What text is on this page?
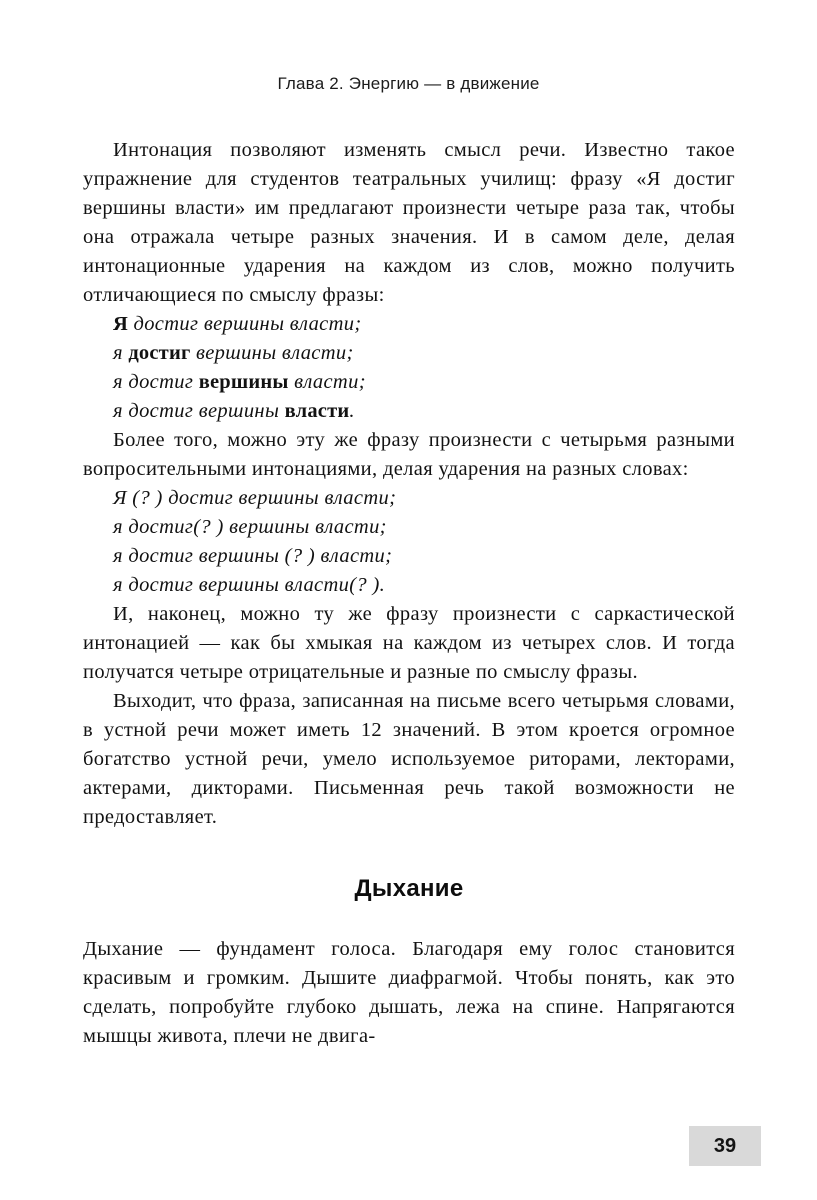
Глава 2. Энергию — в движение

Интонация позволяют изменять смысл речи. Известно такое упражнение для студентов театральных училищ: фразу «Я достиг вершины власти» им предлагают произнести четыре раза так, чтобы она отражала четыре разных значения. И в самом деле, делая интонационные ударения на каждом из слов, можно получить отличающиеся по смыслу фразы:

Я достиг вершины власти;

я достиг вершины власти;

я достиг вершины власти;

я достиг вершины власти.

Более того, можно эту же фразу произнести с четырьмя разными вопросительными интонациями, делая ударения на разных словах:

Я (? ) достиг вершины власти;

я достиг(? ) вершины власти;

я достиг вершины (? ) власти;

я достиг вершины власти(? ).

И, наконец, можно ту же фразу произнести с саркастической интонацией — как бы хмыкая на каждом из четырех слов. И тогда получатся четыре отрицательные и разные по смыслу фразы.

Выходит, что фраза, записанная на письме всего четырьмя словами, в устной речи может иметь 12 значений. В этом кроется огромное богатство устной речи, умело используемое риторами, лекторами, актерами, дикторами. Письменная речь такой возможности не предоставляет.

Дыхание

Дыхание — фундамент голоса. Благодаря ему голос становится красивым и громким. Дышите диафрагмой. Чтобы понять, как это сделать, попробуйте глубоко дышать, лежа на спине. Напрягаются мышцы живота, плечи не двига-

39
